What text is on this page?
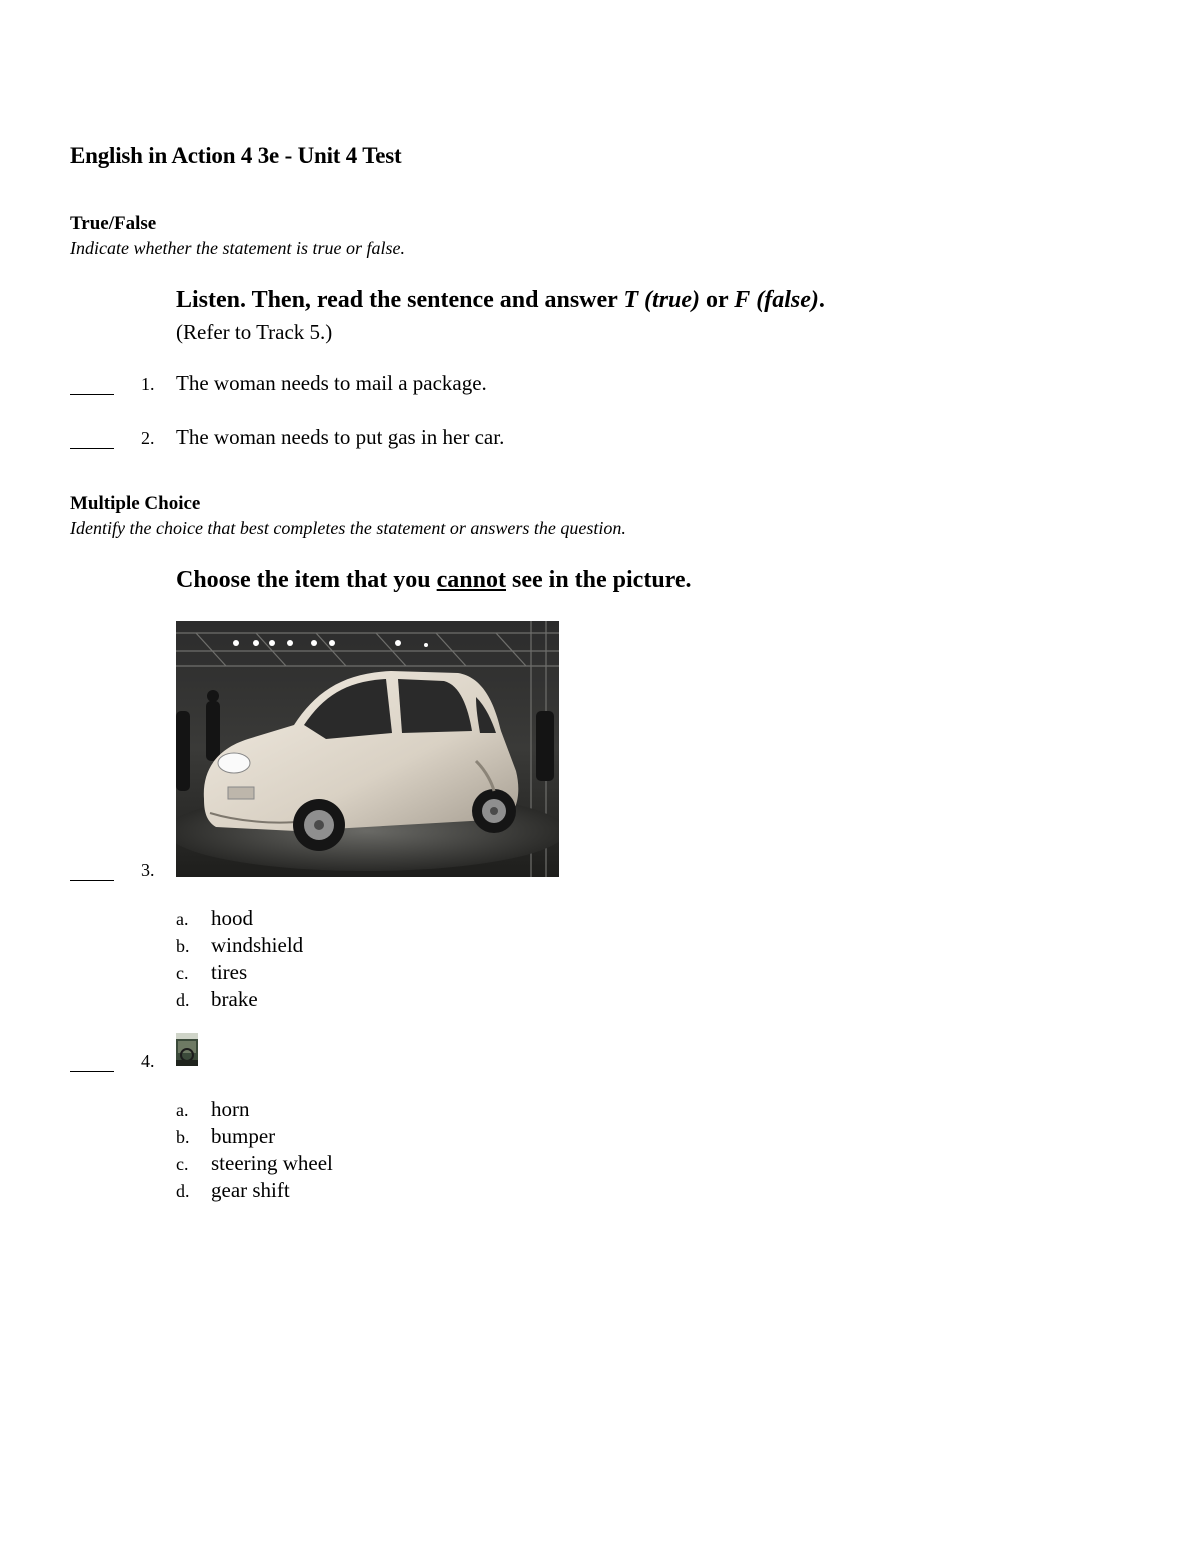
English in Action 4 3e - Unit 4 Test
True/False
Indicate whether the statement is true or false.
Listen. Then, read the sentence and answer T (true) or F (false).
(Refer to Track 5.)
1. The woman needs to mail a package.
2. The woman needs to put gas in her car.
Multiple Choice
Identify the choice that best completes the statement or answers the question.
Choose the item that you cannot see in the picture.
3.
a. hood
b. windshield
c. tires
d. brake
4.
a. horn
b. bumper
c. steering wheel
d. gear shift
